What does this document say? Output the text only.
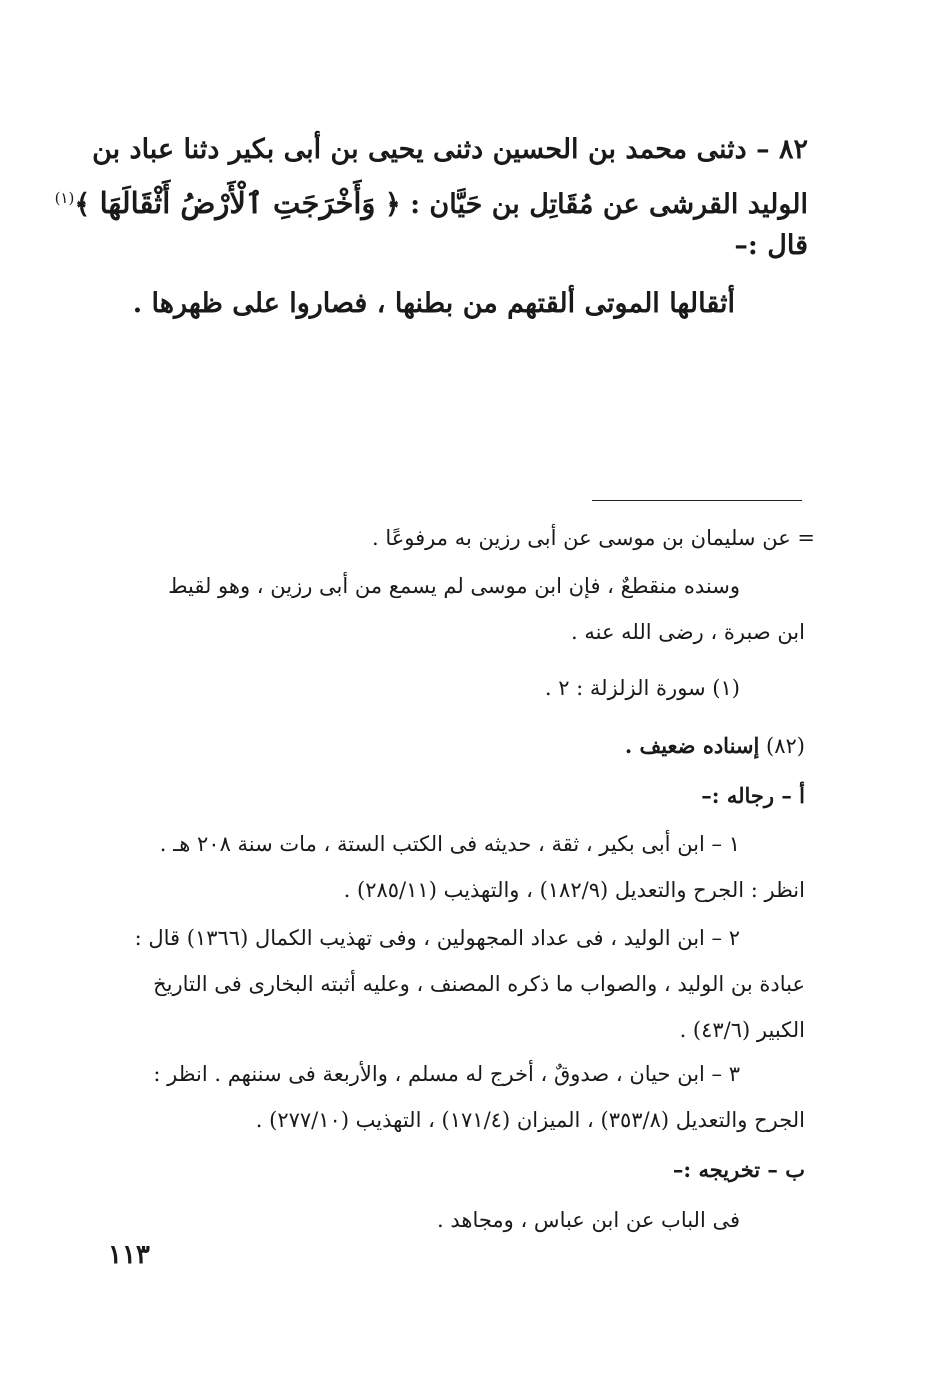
٨٢ – دثنى محمد بن الحسين دثنى يحيى بن أبى بكير دثنا عباد بن
الوليد القرشى عن مُقَاتِل بن حَيَّان : ﴿ وَأَخْرَجَتِ ٱلْأَرْضُ أَثْقَالَهَا ﴾$^{(١)}$
قال :–
أثقالها الموتى ألقتهم من بطنها ، فصاروا على ظهرها .
= عن سليمان بن موسى عن أبى رزين به مرفوعًا .
وسنده منقطعٌ ، فإن ابن موسى لم يسمع من أبى رزين ، وهو لقيط
ابن صبرة ، رضى الله عنه .
(١) سورة الزلزلة : ٢ .
(٨٢) إسناده ضعيف .
أ – رجاله :–
١ – ابن أبى بكير ، ثقة ، حديثه فى الكتب الستة ، مات سنة ٢٠٨ هـ .
انظر : الجرح والتعديل (١٨٢/٩) ، والتهذيب (٢٨٥/١١) .
٢ – ابن الوليد ، فى عداد المجهولين ، وفى تهذيب الكمال (١٣٦٦) قال :
عبادة بن الوليد ، والصواب ما ذكره المصنف ، وعليه أثبته البخارى فى التاريخ
الكبير (٤٣/٦) .
٣ – ابن حيان ، صدوقٌ ، أخرج له مسلم ، والأربعة فى سننهم . انظر :
الجرح والتعديل (٣٥٣/٨) ، الميزان (١٧١/٤) ، التهذيب (٢٧٧/١٠) .
ب – تخريجه :–
فى الباب عن ابن عباس ، ومجاهد .
١١٣
